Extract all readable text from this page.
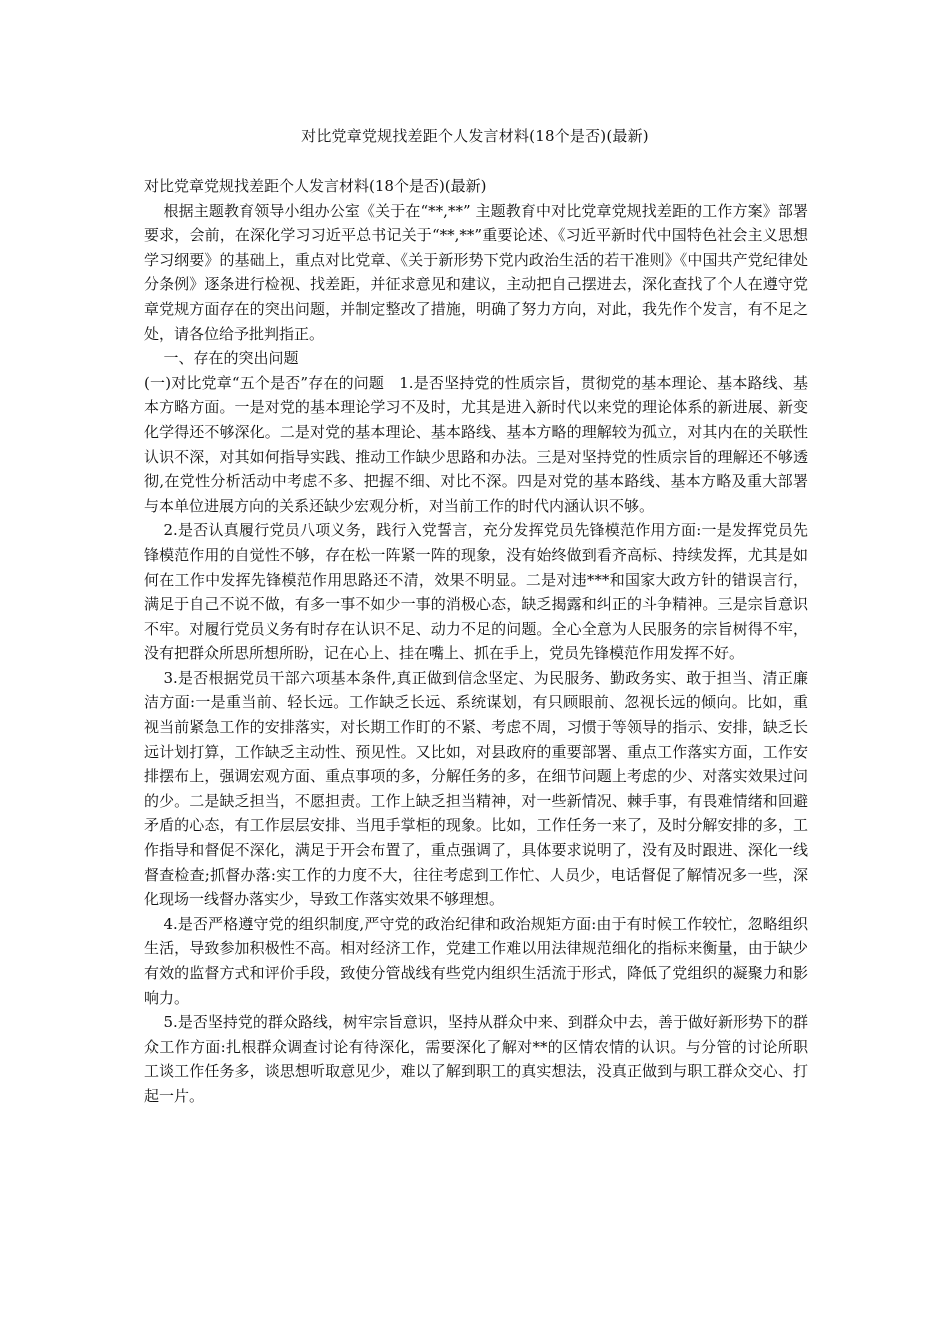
对比党章党规找差距个人发言材料(18个是否)(最新)

对比党章党规找差距个人发言材料(18个是否)(最新)

根据主题教育领导小组办公室《关于在“**,**” 主题教育中对比党章党规找差距的工作方案》部署要求，会前，在深化学习习近平总书记关于“**,**”重要论述、《习近平新时代中国特色社会主义思想学习纲要》的基础上，重点对比党章、《关于新形势下党内政治生活的若干准则》《中国共产党纪律处分条例》逐条进行检视、找差距，并征求意见和建议，主动把自己摆进去，深化查找了个人在遵守党章党规方面存在的突出问题，并制定整改了措施，明确了努力方向，对此，我先作个发言，有不足之处，请各位给予批判指正。

一、存在的突出问题

(一)对比党章“五个是否”存在的问题　1.是否坚持党的性质宗旨，贯彻党的基本理论、基本路线、基本方略方面。一是对党的基本理论学习不及时，尤其是进入新时代以来党的理论体系的新进展、新变化学得还不够深化。二是对党的基本理论、基本路线、基本方略的理解较为孤立，对其内在的关联性认识不深，对其如何指导实践、推动工作缺少思路和办法。三是对坚持党的性质宗旨的理解还不够透彻,在党性分析活动中考虑不多、把握不细、对比不深。四是对党的基本路线、基本方略及重大部署与本单位进展方向的关系还缺少宏观分析，对当前工作的时代内涵认识不够。

2.是否认真履行党员八项义务，践行入党誓言，充分发挥党员先锋模范作用方面:一是发挥党员先锋模范作用的自觉性不够，存在松一阵紧一阵的现象，没有始终做到看齐高标、持续发挥，尤其是如何在工作中发挥先锋模范作用思路还不清，效果不明显。二是对违***和国家大政方针的错误言行，满足于自己不说不做，有多一事不如少一事的消极心态，缺乏揭露和纠正的斗争精神。三是宗旨意识不牢。对履行党员义务有时存在认识不足、动力不足的问题。全心全意为人民服务的宗旨树得不牢，没有把群众所思所想所盼，记在心上、挂在嘴上、抓在手上，党员先锋模范作用发挥不好。

3.是否根据党员干部六项基本条件,真正做到信念坚定、为民服务、勤政务实、敢于担当、清正廉洁方面:一是重当前、轻长远。工作缺乏长远、系统谋划，有只顾眼前、忽视长远的倾向。比如，重视当前紧急工作的安排落实，对长期工作盯的不紧、考虑不周，习惯于等领导的指示、安排，缺乏长远计划打算，工作缺乏主动性、预见性。又比如，对县政府的重要部署、重点工作落实方面，工作安排摆布上，强调宏观方面、重点事项的多，分解任务的多，在细节问题上考虑的少、对落实效果过问的少。二是缺乏担当，不愿担责。工作上缺乏担当精神，对一些新情况、棘手事，有畏难情绪和回避矛盾的心态，有工作层层安排、当甩手掌柜的现象。比如，工作任务一来了，及时分解安排的多，工作指导和督促不深化，满足于开会布置了，重点强调了，具体要求说明了，没有及时跟进、深化一线督查检查;抓督办落:实工作的力度不大，往往考虑到工作忙、人员少，电话督促了解情况多一些，深化现场一线督办落实少，导致工作落实效果不够理想。

4.是否严格遵守党的组织制度,严守党的政治纪律和政治规矩方面:由于有时候工作较忙，忽略组织生活，导致参加积极性不高。相对经济工作，党建工作难以用法律规范细化的指标来衡量，由于缺少有效的监督方式和评价手段，致使分管战线有些党内组织生活流于形式，降低了党组织的凝聚力和影响力。

5.是否坚持党的群众路线，树牢宗旨意识，坚持从群众中来、到群众中去，善于做好新形势下的群众工作方面:扎根群众调查讨论有待深化，需要深化了解对**的区情农情的认识。与分管的讨论所职工谈工作任务多，谈思想听取意见少，难以了解到职工的真实想法，没真正做到与职工群众交心、打起一片。
